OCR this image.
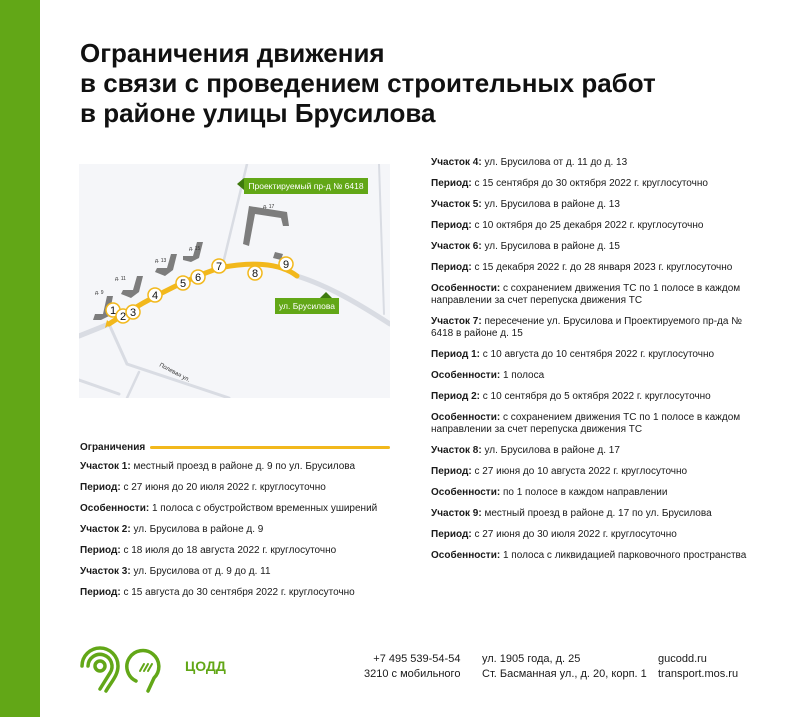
Ограничения движения
в связи с проведением строительных работ
в районе улицы Брусилова
д. 9
д. 11
д. 13
д. 15
д. 17
Полевая ул.
1 2 3
4
5 6
7
8
9
Проектируемый пр-д № 6418
ул. Брусилова
Ограничения
Участок 1: местный проезд в районе д. 9 по ул. Брусилова
Период: с 27 июня до 20 июля 2022 г. круглосуточно
Особенности: 1 полоса с обустройством временных уширений
Участок 2: ул. Брусилова в районе д. 9
Период: с 18 июля до 18 августа 2022 г. круглосуточно
Участок 3: ул. Брусилова от д. 9 до д. 11
Период: с 15 августа до 30 сентября 2022 г. круглосуточно
Участок 4: ул. Брусилова от д. 11 до д. 13
Период: с 15 сентября до 30 октября 2022 г. круглосуточно
Участок 5: ул. Брусилова в районе д. 13
Период: с 10 октября до 25 декабря 2022 г. круглосуточно
Участок 6: ул. Брусилова в районе д. 15
Период: с 15 декабря 2022 г. до 28 января 2023 г. круглосуточно
Особенности: с сохранением движения ТС по 1 полосе в каждом направлении за счет перепуска движения ТС
Участок 7: пересечение ул. Брусилова и Проектируемого пр-да № 6418 в районе д. 15
Период 1: с 10 августа до 10 сентября 2022 г. круглосуточно
Особенности: 1 полоса
Период 2: с 10 сентября до 5 октября 2022 г. круглосуточно
Особенности: с сохранением движения ТС по 1 полосе в каждом направлении за счет перепуска движения ТС
Участок 8: ул. Брусилова в районе д. 17
Период: с 27 июня до 10 августа 2022 г. круглосуточно
Особенности: по 1 полосе в каждом направлении
Участок 9: местный проезд в районе д. 17 по ул. Брусилова
Период: с 27 июня до 30 июля 2022 г. круглосуточно
Особенности: 1 полоса с ликвидацией парковочного пространства
ЦОДД	+7 495 539-54-54
3210 с мобильного
ул. 1905 года, д. 25
Ст. Басманная ул., д. 20, корп. 1
gucodd.ru
transport.mos.ru
